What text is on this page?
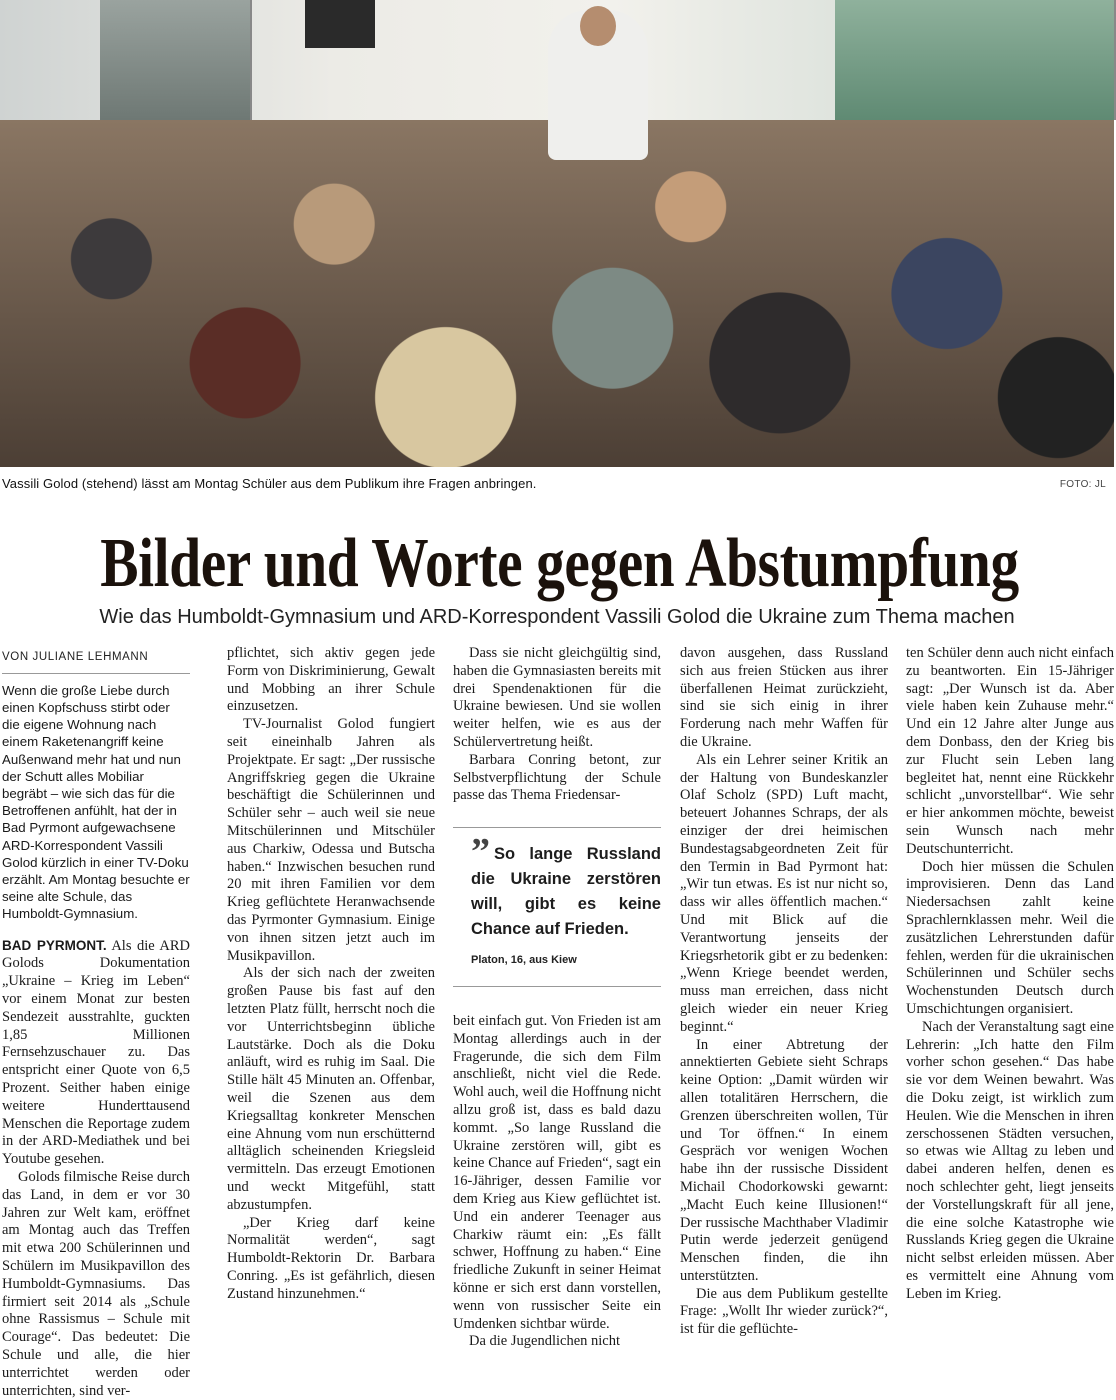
Vassili Golod (stehend) lässt am Montag Schüler aus dem Publikum ihre Fragen anbringen.	FOTO: JL
Bilder und Worte gegen Abstumpfung
Wie das Humboldt-Gymnasium und ARD-Korrespondent Vassili Golod die Ukraine zum Thema machen
VON JULIANE LEHMANN

Wenn die große Liebe durch einen Kopfschuss stirbt oder die eigene Wohnung nach einem Raketenangriff keine Außenwand mehr hat und nun der Schutt alles Mobiliar begräbt – wie sich das für die Betroffenen anfühlt, hat der in Bad Pyrmont aufgewachsene ARD-Korrespondent Vassili Golod kürzlich in einer TV-Doku erzählt. Am Montag besuchte er seine alte Schule, das Humboldt-Gymnasium.

BAD PYRMONT. Als die ARD Golods Dokumentation „Ukraine – Krieg im Leben“ vor einem Monat zur besten Sendezeit ausstrahlte, guckten 1,85 Millionen Fernsehzuschauer zu. Das entspricht einer Quote von 6,5 Prozent. Seither haben einige weitere Hunderttausend Menschen die Reportage zudem in der ARD-Mediathek und bei Youtube gesehen.

Golods filmische Reise durch das Land, in dem er vor 30 Jahren zur Welt kam, eröffnet am Montag auch das Treffen mit etwa 200 Schülerinnen und Schülern im Musikpavillon des Humboldt-Gymnasiums. Das firmiert seit 2014 als „Schule ohne Rassismus – Schule mit Courage“. Das bedeutet: Die Schule und alle, die hier unterrichtet werden oder unterrichten, sind ver-

pflichtet, sich aktiv gegen jede Form von Diskriminierung, Gewalt und Mobbing an ihrer Schule einzusetzen.

TV-Journalist Golod fungiert seit eineinhalb Jahren als Projektpate. Er sagt: „Der russische Angriffskrieg gegen die Ukraine beschäftigt die Schülerinnen und Schüler sehr – auch weil sie neue Mitschülerinnen und Mitschüler aus Charkiw, Odessa und Butscha haben.“ Inzwischen besuchen rund 20 mit ihren Familien vor dem Krieg geflüchtete Heranwachsende das Pyrmonter Gymnasium. Einige von ihnen sitzen jetzt auch im Musikpavillon.

Als der sich nach der zweiten großen Pause bis fast auf den letzten Platz füllt, herrscht noch die vor Unterrichtsbeginn übliche Lautstärke. Doch als die Doku anläuft, wird es ruhig im Saal. Die Stille hält 45 Minuten an. Offenbar, weil die Szenen aus dem Kriegsalltag konkreter Menschen eine Ahnung vom nun erschütternd alltäglich scheinenden Kriegsleid vermitteln. Das erzeugt Emotionen und weckt Mitgefühl, statt abzustumpfen.

„Der Krieg darf keine Normalität werden“, sagt Humboldt-Rektorin Dr. Barbara Conring. „Es ist gefährlich, diesen Zustand hinzunehmen.“

Dass sie nicht gleichgültig sind, haben die Gymnasiasten bereits mit drei Spendenaktionen für die Ukraine bewiesen. Und sie wollen weiter helfen, wie es aus der Schülervertretung heißt.

Barbara Conring betont, zur Selbstverpflichtung der Schule passe das Thema Friedensar-

” So lange Russland die Ukraine zerstören will, gibt es keine Chance auf Frieden.
Platon, 16, aus Kiew

beit einfach gut. Von Frieden ist am Montag allerdings auch in der Fragerunde, die sich dem Film anschließt, nicht viel die Rede. Wohl auch, weil die Hoffnung nicht allzu groß ist, dass es bald dazu kommt. „So lange Russland die Ukraine zerstören will, gibt es keine Chance auf Frieden“, sagt ein 16-Jähriger, dessen Familie vor dem Krieg aus Kiew geflüchtet ist. Und ein anderer Teenager aus Charkiw räumt ein: „Es fällt schwer, Hoffnung zu haben.“ Eine friedliche Zukunft in seiner Heimat könne er sich erst dann vorstellen, wenn von russischer Seite ein Umdenken sichtbar würde.

Da die Jugendlichen nicht

davon ausgehen, dass Russland sich aus freien Stücken aus ihrer überfallenen Heimat zurückzieht, sind sie sich einig in ihrer Forderung nach mehr Waffen für die Ukraine.

Als ein Lehrer seiner Kritik an der Haltung von Bundeskanzler Olaf Scholz (SPD) Luft macht, beteuert Johannes Schraps, der als einziger der drei heimischen Bundestagsabgeordneten Zeit für den Termin in Bad Pyrmont hat: „Wir tun etwas. Es ist nur nicht so, dass wir alles öffentlich machen.“ Und mit Blick auf die Verantwortung jenseits der Kriegsrhetorik gibt er zu bedenken: „Wenn Kriege beendet werden, muss man erreichen, dass nicht gleich wieder ein neuer Krieg beginnt.“

In einer Abtretung der annektierten Gebiete sieht Schraps keine Option: „Damit würden wir allen totalitären Herrschern, die Grenzen überschreiten wollen, Tür und Tor öffnen.“ In einem Gespräch vor wenigen Wochen habe ihn der russische Dissident Michail Chodorkowski gewarnt: „Macht Euch keine Illusionen!“ Der russische Machthaber Vladimir Putin werde jederzeit genügend Menschen finden, die ihn unterstützten.

Die aus dem Publikum gestellte Frage: „Wollt Ihr wieder zurück?“, ist für die geflüchte-

ten Schüler denn auch nicht einfach zu beantworten. Ein 15-Jähriger sagt: „Der Wunsch ist da. Aber viele haben kein Zuhause mehr.“ Und ein 12 Jahre alter Junge aus dem Donbass, den der Krieg bis zur Flucht sein Leben lang begleitet hat, nennt eine Rückkehr schlicht „unvorstellbar“. Wie sehr er hier ankommen möchte, beweist sein Wunsch nach mehr Deutschunterricht.

Doch hier müssen die Schulen improvisieren. Denn das Land Niedersachsen zahlt keine Sprachlernklassen mehr. Weil die zusätzlichen Lehrerstunden dafür fehlen, werden für die ukrainischen Schülerinnen und Schüler sechs Wochenstunden Deutsch durch Umschichtungen organisiert.

Nach der Veranstaltung sagt eine Lehrerin: „Ich hatte den Film vorher schon gesehen.“ Das habe sie vor dem Weinen bewahrt. Was die Doku zeigt, ist wirklich zum Heulen. Wie die Menschen in ihren zerschossenen Städten versuchen, so etwas wie Alltag zu leben und dabei anderen helfen, denen es noch schlechter geht, liegt jenseits der Vorstellungskraft für all jene, die eine solche Katastrophe wie Russlands Krieg gegen die Ukraine nicht selbst erleiden müssen. Aber es vermittelt eine Ahnung vom Leben im Krieg.
